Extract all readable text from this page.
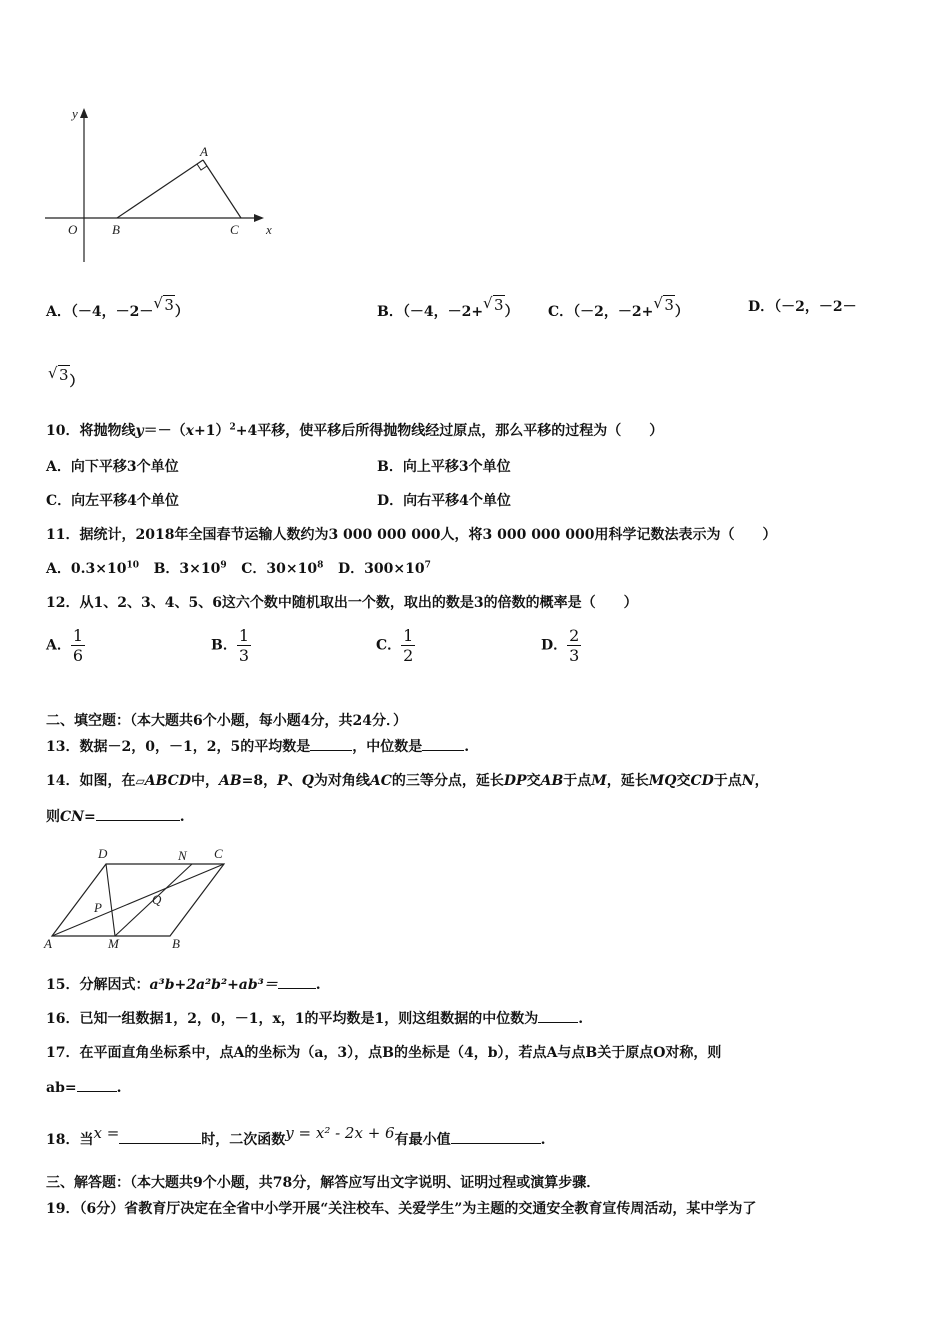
y
x
O
A
B	C
A．（－4，－2－ √ 3）	B．（－4，－2+ √ 3） C．（－2，－2+ √ 3）	D．（－2，－2－
√ 3）
10．将抛物线$y=-(x+1)^2+4$平移，使平移后所得抛物线经过原点，那么平移的过程为（　　）
A．向下平移3个单位	B．向上平移3个单位
C．向左平移4个单位	D．向右平移4个单位
11．据统计，2018年全国春节运输人数约为3 000 000 000人，将3 000 000 000用科学记数法表示为（　　）
A．$0.3\times 10^{10}$ B．$3\times 10^9$ C．$30\times 10^8$ D．$300\times 10^7$
12．从1、2、3、4、5、6这六个数中随机取出一个数，取出的数是3的倍数的概率是（　　）
A． $\frac{1}{6}$	B． $\frac{1}{3}$	C． $\frac{1}{2}$	D． $\frac{2}{3}$
二、填空题：（本大题共6个小题，每小题4分，共24分．）
13．数据－2，0，－1，2，5的平均数是	，中位数是	.
14．如图，在▱ABCD中，AB=8，P、Q为对角线AC的三等分点，延长DP交AB于点M，延长MQ交CD于点N，
则CN=	.
D	N C
P
Q
A	M	B
15．分解因式：a³b+2a²b²+ab³＝	.
16．已知一组数据1，2，0，－1，x，1的平均数是1，则这组数据的中位数为	.
17．在平面直角坐标系中，点A的坐标为（a，3），点B的坐标是（4，b），若点A与点B关于原点O对称，则
ab=	.
18．当x =	时，二次函数y = x² - 2x + 6有最小值	.
三、解答题：（本大题共9个小题，共78分，解答应写出文字说明、证明过程或演算步骤．
19．（6分）省教育厅决定在全省中小学开展“关注校车、关爱学生”为主题的交通安全教育宣传周活动，某中学为了
